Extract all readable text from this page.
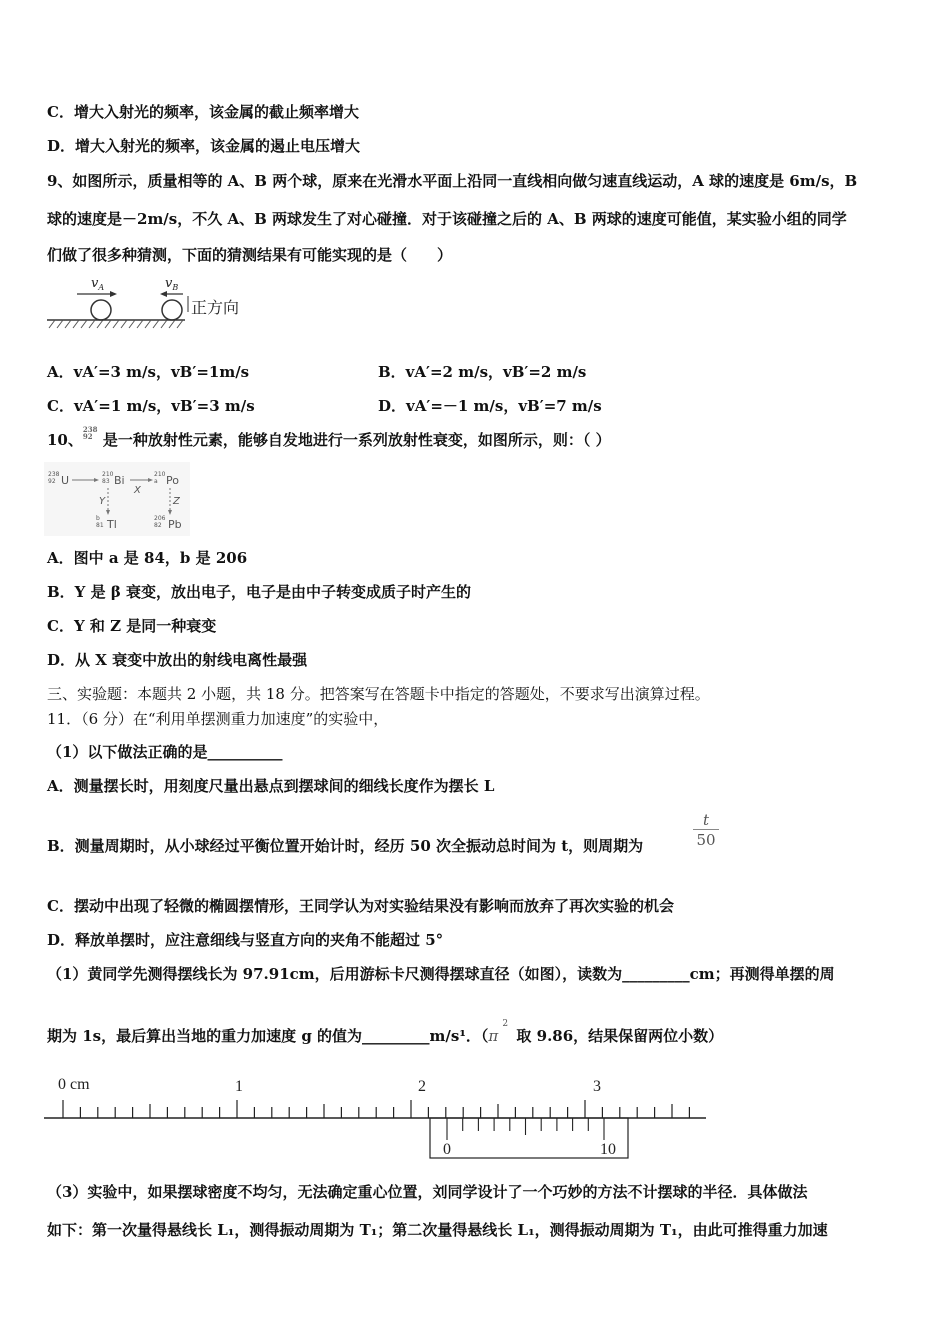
C．增大入射光的频率，该金属的截止频率增大
D．增大入射光的频率，该金属的遏止电压增大
9、如图所示，质量相等的 A、B 两个球，原来在光滑水平面上沿同一直线相向做匀速直线运动，A 球的速度是 6m/s，B
球的速度是－2m/s，不久 A、B 两球发生了对心碰撞．对于该碰撞之后的 A、B 两球的速度可能值，某实验小组的同学
们做了很多种猜测，下面的猜测结果有可能实现的是（　　）
$v_A$	$v_B$
正方向
A．vA′=3 m/s，vB′=1m/s	B．vA′=2 m/s，vB′=2 m/s
C．vA′=1 m/s，vB′=3 m/s	D．vA′=－1 m/s，vB′=7 m/s
10、238
92 是一种放射性元素，能够自发地进行一系列放射性衰变，如图所示，则：（ ）
238
92 U	210
83 Bi
X
210
a Po
Y
b
81 Tl
Z
206
82 Pb
A．图中 a 是 84，b 是 206
B．Y 是 β 衰变，放出电子，电子是由中子转变成质子时产生的
C．Y 和 Z 是同一种衰变
D．从 X 衰变中放出的射线电离性最强
三、实验题：本题共 2 小题，共 18 分。把答案写在答题卡中指定的答题处，不要求写出演算过程。
11．（6 分）在“利用单摆测重力加速度”的实验中，
（1）以下做法正确的是__________
A．测量摆长时，用刻度尺量出悬点到摆球间的细线长度作为摆长 L
B．测量周期时，从小球经过平衡位置开始计时，经历 50 次全振动总时间为 t，则周期为	$\frac{t}{50}$
C．摆动中出现了轻微的椭圆摆情形，王同学认为对实验结果没有影响而放弃了再次实验的机会
D．释放单摆时，应注意细线与竖直方向的夹角不能超过 5°
（1）黄同学先测得摆线长为 97.91cm，后用游标卡尺测得摆球直径（如图），读数为_________cm；再测得单摆的周
期为 1s，最后算出当地的重力加速度 g 的值为_________m/s¹．（π
2
取 9.86，结果保留两位小数）
0 cm	1	2	3
0	10
（3）实验中，如果摆球密度不均匀，无法确定重心位置，刘同学设计了一个巧妙的方法不计摆球的半径．具体做法
如下：第一次量得悬线长 L₁，测得振动周期为 T₁；第二次量得悬线长 L₁，测得振动周期为 T₁，由此可推得重力加速
